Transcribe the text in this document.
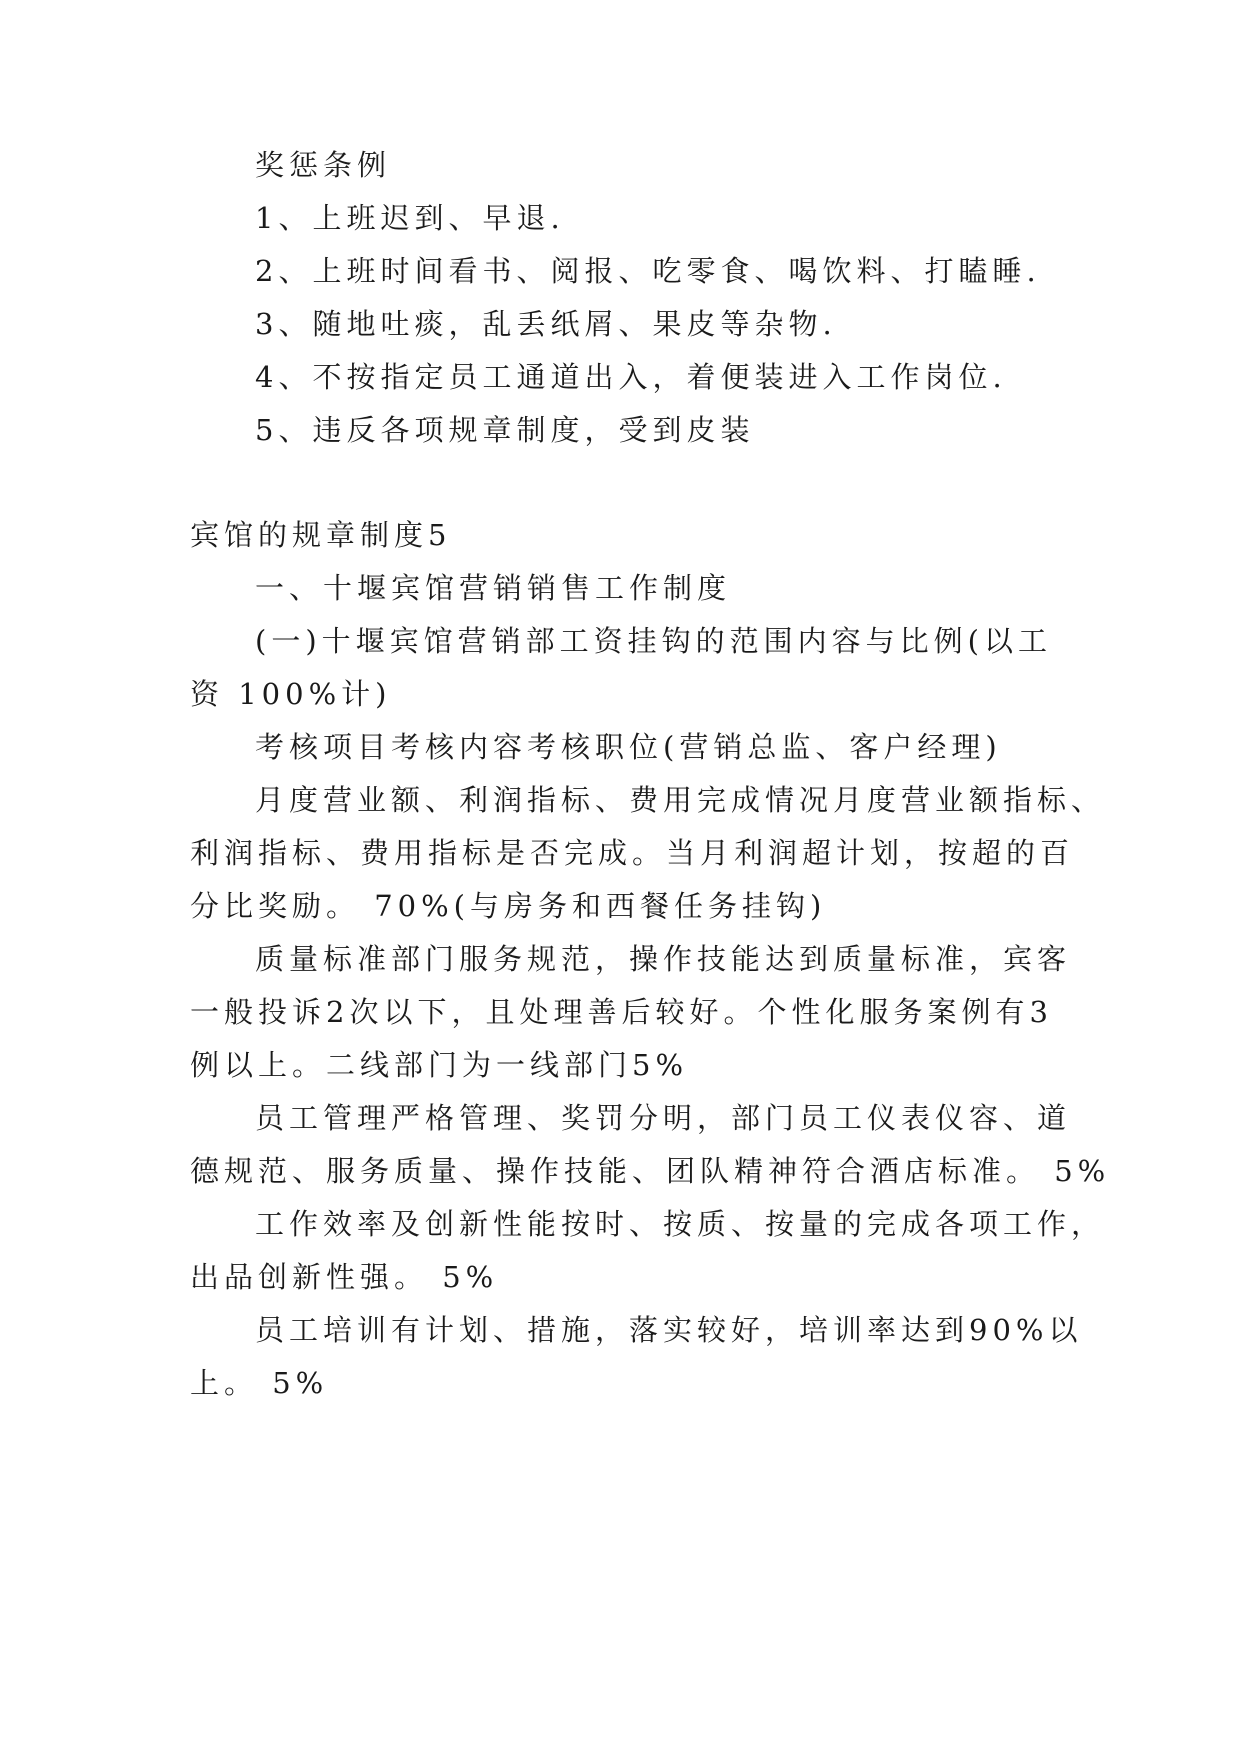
奖惩条例
1、上班迟到、早退.
2、上班时间看书、阅报、吃零食、喝饮料、打瞌睡.
3、随地吐痰，乱丢纸屑、果皮等杂物.
4、不按指定员工通道出入，着便装进入工作岗位.
5、违反各项规章制度，受到皮装
宾馆的规章制度5
一、十堰宾馆营销销售工作制度
(一)十堰宾馆营销部工资挂钩的范围内容与比例(以工
资 100%计)
考核项目考核内容考核职位(营销总监、客户经理)
月度营业额、利润指标、费用完成情况月度营业额指标、
利润指标、费用指标是否完成。当月利润超计划，按超的百
分比奖励。 70%(与房务和西餐任务挂钩)
质量标准部门服务规范，操作技能达到质量标准，宾客
一般投诉2次以下，且处理善后较好。个性化服务案例有3
例以上。二线部门为一线部门5%
员工管理严格管理、奖罚分明，部门员工仪表仪容、道
德规范、服务质量、操作技能、团队精神符合酒店标准。 5%
工作效率及创新性能按时、按质、按量的完成各项工作，
出品创新性强。 5%
员工培训有计划、措施，落实较好，培训率达到90%以
上。 5%
